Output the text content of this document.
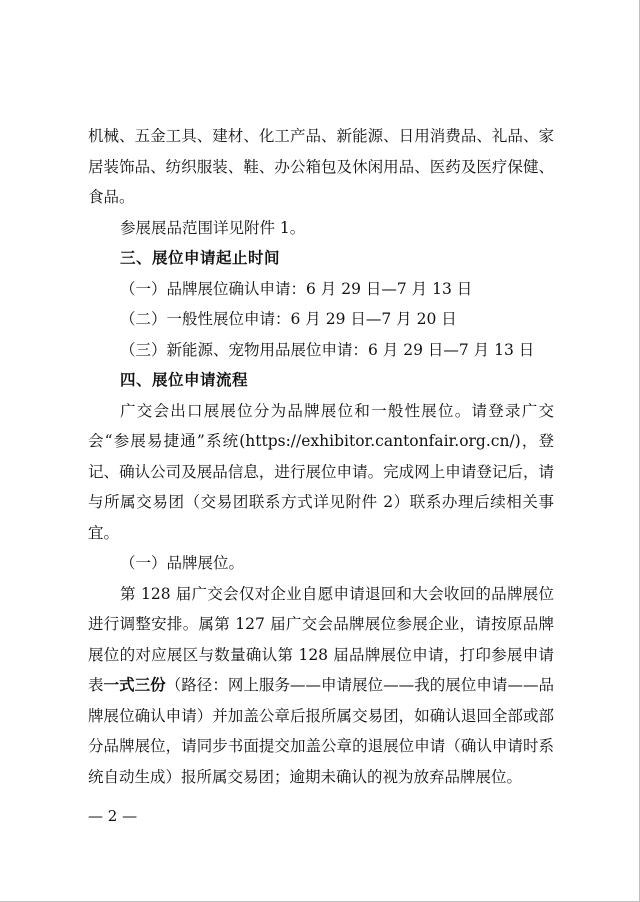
机械、五金工具、建材、化工产品、新能源、日用消费品、礼品、家居装饰品、纺织服装、鞋、办公箱包及休闲用品、医药及医疗保健、食品。

参展展品范围详见附件 1。

三、展位申请起止时间

（一）品牌展位确认申请：6 月 29 日—7 月 13 日

（二）一般性展位申请：6 月 29 日—7 月 20 日

（三）新能源、宠物用品展位申请：6 月 29 日—7 月 13 日

四、展位申请流程

广交会出口展展位分为品牌展位和一般性展位。请登录广交会“参展易捷通”系统(https://exhibitor.cantonfair.org.cn/)，登记、确认公司及展品信息，进行展位申请。完成网上申请登记后，请与所属交易团（交易团联系方式详见附件 2）联系办理后续相关事宜。

（一）品牌展位。

第 128 届广交会仅对企业自愿申请退回和大会收回的品牌展位进行调整安排。属第 127 届广交会品牌展位参展企业，请按原品牌展位的对应展区与数量确认第 128 届品牌展位申请，打印参展申请表一式三份（路径：网上服务——申请展位——我的展位申请——品牌展位确认申请）并加盖公章后报所属交易团，如确认退回全部或部分品牌展位，请同步书面提交加盖公章的退展位申请（确认申请时系统自动生成）报所属交易团；逾期未确认的视为放弃品牌展位。

— 2 —
